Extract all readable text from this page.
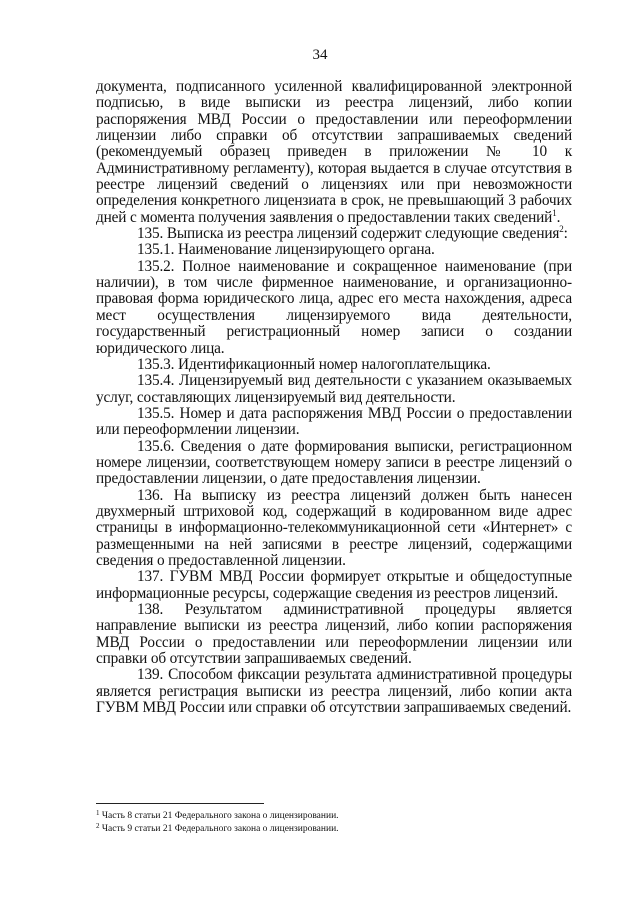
34

документа, подписанного усиленной квалифицированной электронной подписью, в виде выписки из реестра лицензий, либо копии распоряжения МВД России о предоставлении или переоформлении лицензии либо справки об отсутствии запрашиваемых сведений (рекомендуемый образец приведен в приложении № 10 к Административному регламенту), которая выдается в случае отсутствия в реестре лицензий сведений о лицензиях или при невозможности определения конкретного лицензиата в срок, не превышающий 3 рабочих дней с момента получения заявления о предоставлении таких сведений$^1$.

135. Выписка из реестра лицензий содержит следующие сведения$^2$:

135.1. Наименование лицензирующего органа.

135.2. Полное наименование и сокращенное наименование (при наличии), в том числе фирменное наименование, и организационно-правовая форма юридического лица, адрес его места нахождения, адреса мест осуществления лицензируемого вида деятельности, государственный регистрационный номер записи о создании юридического лица.

135.3. Идентификационный номер налогоплательщика.

135.4. Лицензируемый вид деятельности с указанием оказываемых услуг, составляющих лицензируемый вид деятельности.

135.5. Номер и дата распоряжения МВД России о предоставлении или переоформлении лицензии.

135.6. Сведения о дате формирования выписки, регистрационном номере лицензии, соответствующем номеру записи в реестре лицензий о предоставлении лицензии, о дате предоставления лицензии.

136. На выписку из реестра лицензий должен быть нанесен двухмерный штриховой код, содержащий в кодированном виде адрес страницы в информационно-телекоммуникационной сети «Интернет» с размещенными на ней записями в реестре лицензий, содержащими сведения о предоставленной лицензии.

137. ГУВМ МВД России формирует открытые и общедоступные информационные ресурсы, содержащие сведения из реестров лицензий.

138. Результатом административной процедуры является направление выписки из реестра лицензий, либо копии распоряжения МВД России о предоставлении или переоформлении лицензии или справки об отсутствии запрашиваемых сведений.

139. Способом фиксации результата административной процедуры является регистрация выписки из реестра лицензий, либо копии акта ГУВМ МВД России или справки об отсутствии запрашиваемых сведений.

$^1$ Часть 8 статьи 21 Федерального закона о лицензировании.

$^2$ Часть 9 статьи 21 Федерального закона о лицензировании.
